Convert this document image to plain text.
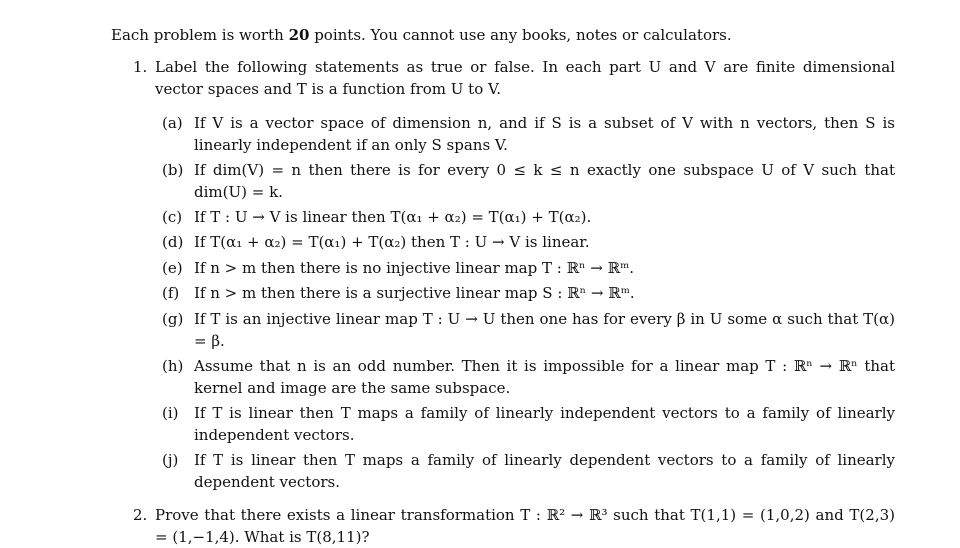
Each problem is worth 20 points. You cannot use any books, notes or calculators.
1. Label the following statements as true or false. In each part U and V are finite dimensional vector spaces and T is a function from U to V.
(a) If V is a vector space of dimension n, and if S is a subset of V with n vectors, then S is linearly independent if an only S spans V.
(b) If dim(V) = n then there is for every 0 ≤ k ≤ n exactly one subspace U of V such that dim(U) = k.
(c) If T : U → V is linear then T(α₁ + α₂) = T(α₁) + T(α₂).
(d) If T(α₁ + α₂) = T(α₁) + T(α₂) then T : U → V is linear.
(e) If n > m then there is no injective linear map T : ℝⁿ → ℝᵐ.
(f) If n > m then there is a surjective linear map S : ℝⁿ → ℝᵐ.
(g) If T is an injective linear map T : U → U then one has for every β in U some α such that T(α) = β.
(h) Assume that n is an odd number. Then it is impossible for a linear map T : ℝⁿ → ℝⁿ that kernel and image are the same subspace.
(i) If T is linear then T maps a family of linearly independent vectors to a family of linearly independent vectors.
(j) If T is linear then T maps a family of linearly dependent vectors to a family of linearly dependent vectors.
2. Prove that there exists a linear transformation T : ℝ² → ℝ³ such that T(1,1) = (1,0,2) and T(2,3) = (1,−1,4). What is T(8,11)?
